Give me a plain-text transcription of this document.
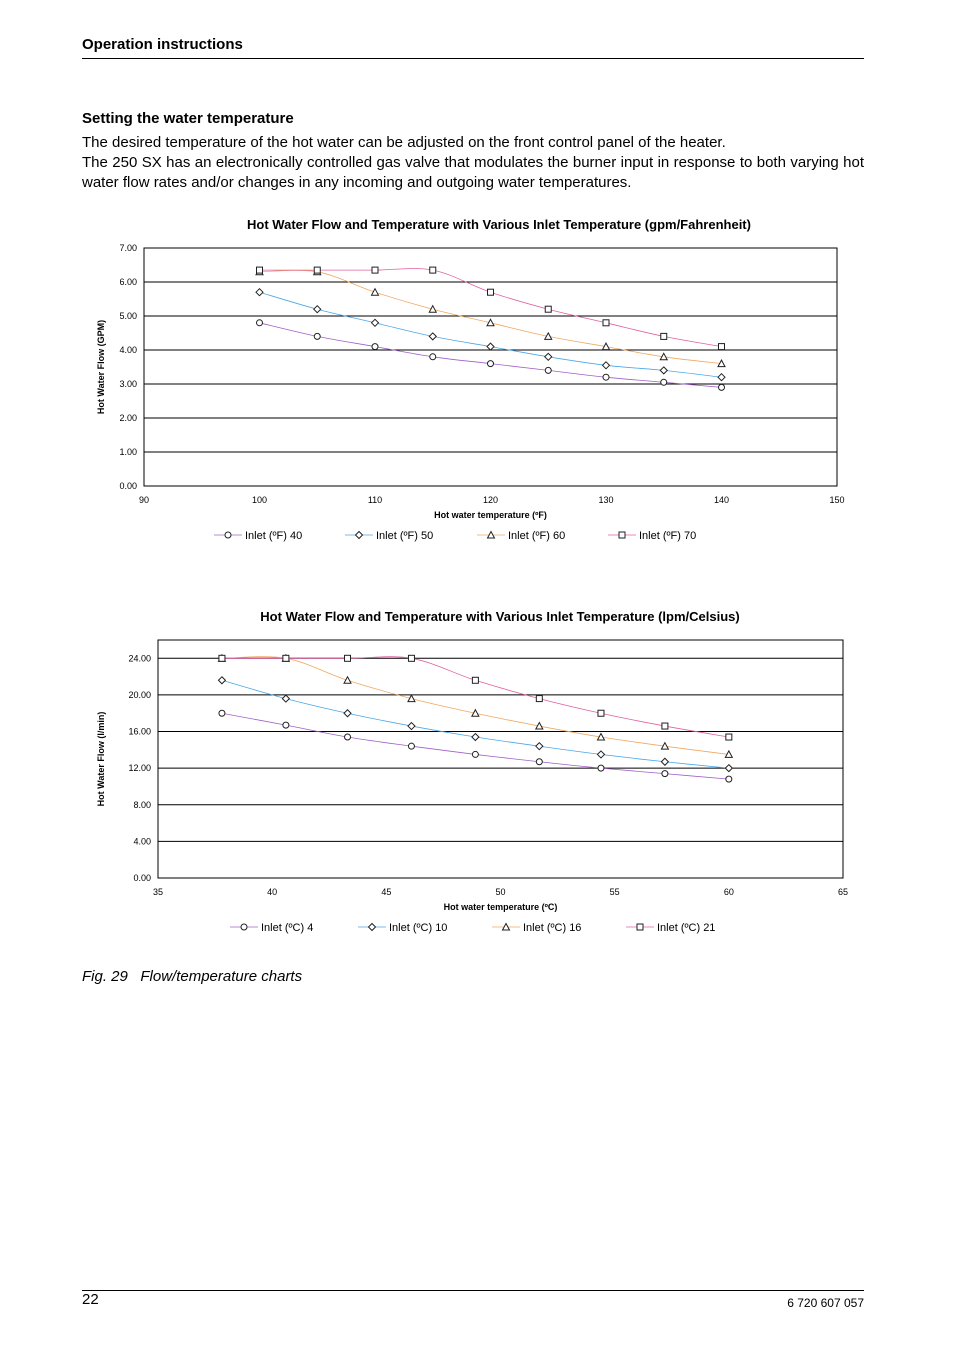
Operation instructions
Setting the water temperature

The desired temperature of the hot water can be adjusted on the front control panel of the heater.

The 250 SX has an electronically controlled gas valve that modulates the burner input in response to both varying hot water flow rates and/or changes in any incoming and outgoing water temperatures.

Hot Water Flow and Temperature with Various Inlet Temperature (gpm/Fahrenheit)
0.00
1.00
2.00
3.00
4.00
5.00
6.00
7.00
90	100	110	120	130	140	150
Hot water temperature (ºF)
Hot Water Flow (GPM)
Inlet (ºF) 40	Inlet (ºF) 50	Inlet (ºF) 60	Inlet (ºF) 70
Hot Water Flow and Temperature with Various Inlet Temperature (lpm/Celsius)
0.00
4.00
8.00
12.00
16.00
20.00
24.00
35	40	45	50	55	60	65
Hot water temperature (ºC)
Hot Water Flow (l/min)
Inlet (ºC) 4	Inlet (ºC) 10	Inlet (ºC) 16	Inlet (ºC) 21
Fig. 29 Flow/temperature charts
22	6 720 607 057
